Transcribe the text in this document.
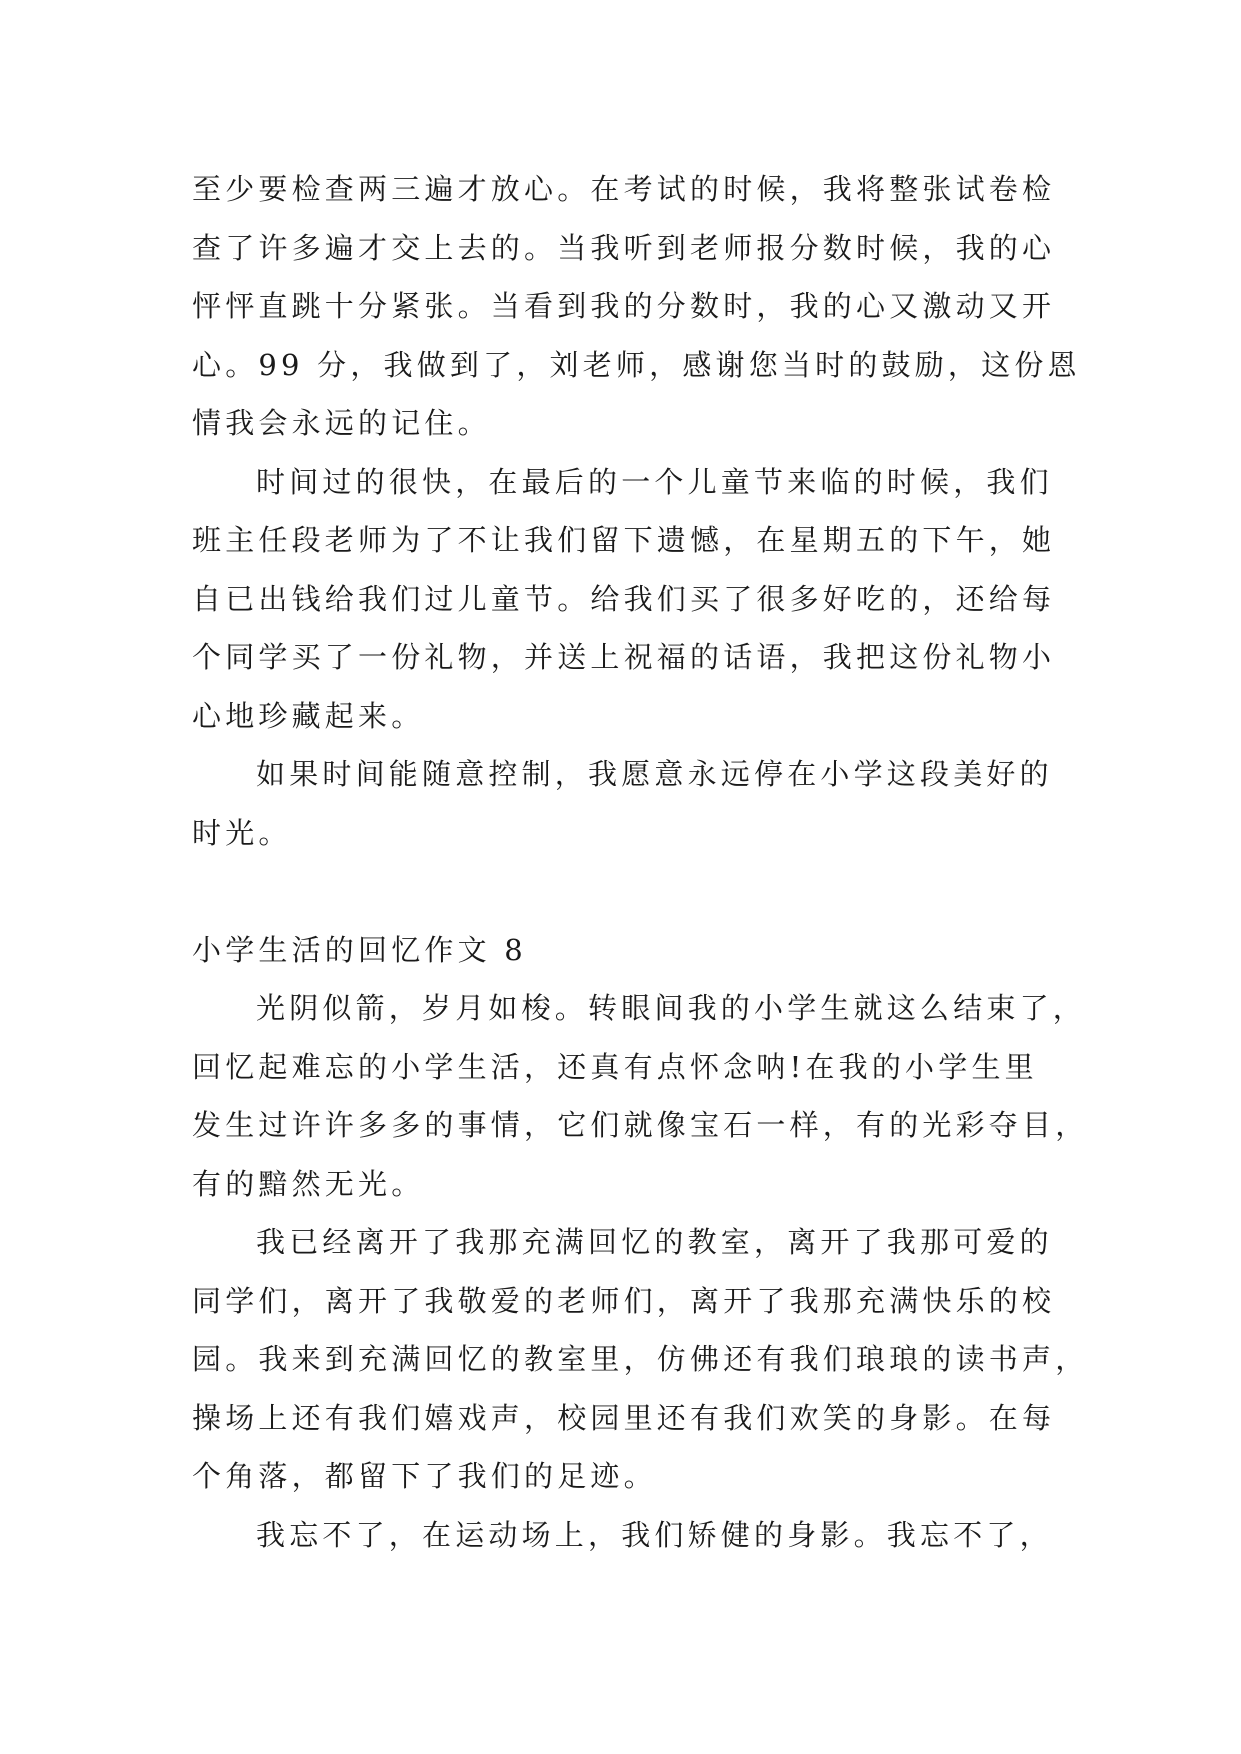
至少要检查两三遍才放心。在考试的时候，我将整张试卷检
查了许多遍才交上去的。当我听到老师报分数时候，我的心
怦怦直跳十分紧张。当看到我的分数时，我的心又激动又开
心。99 分，我做到了，刘老师，感谢您当时的鼓励，这份恩
情我会永远的记住。
时间过的很快，在最后的一个儿童节来临的时候，我们
班主任段老师为了不让我们留下遗憾，在星期五的下午，她
自已出钱给我们过儿童节。给我们买了很多好吃的，还给每
个同学买了一份礼物，并送上祝福的话语，我把这份礼物小
心地珍藏起来。
如果时间能随意控制，我愿意永远停在小学这段美好的
时光。
小学生活的回忆作文 8
光阴似箭，岁月如梭。转眼间我的小学生就这么结束了，
回忆起难忘的小学生活，还真有点怀念呐!在我的小学生里
发生过许许多多的事情，它们就像宝石一样，有的光彩夺目，
有的黯然无光。
我已经离开了我那充满回忆的教室，离开了我那可爱的
同学们，离开了我敬爱的老师们，离开了我那充满快乐的校
园。我来到充满回忆的教室里，仿佛还有我们琅琅的读书声，
操场上还有我们嬉戏声，校园里还有我们欢笑的身影。在每
个角落，都留下了我们的足迹。
我忘不了，在运动场上，我们矫健的身影。我忘不了，
